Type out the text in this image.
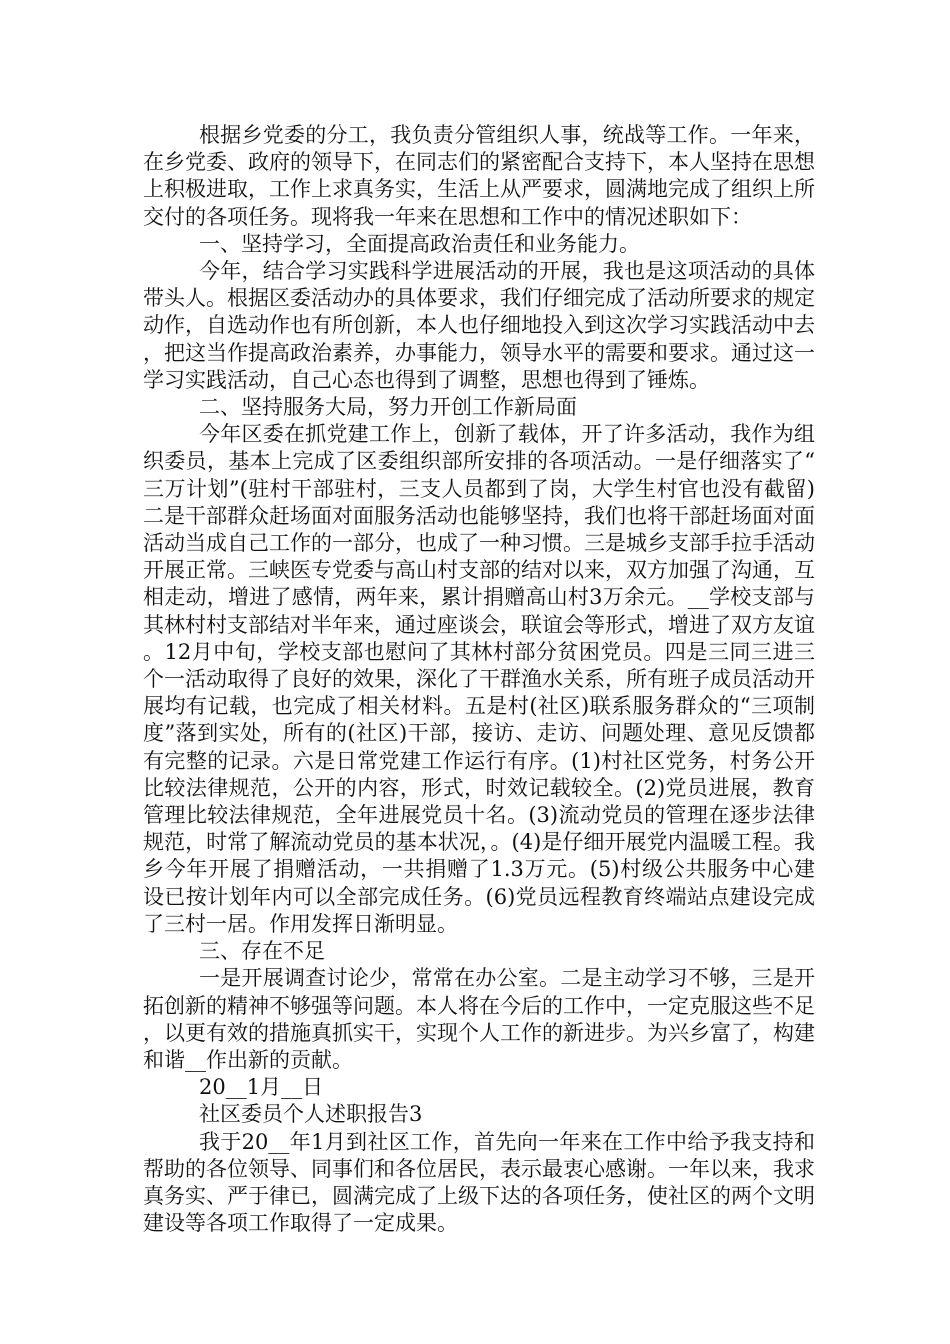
根据乡党委的分工，我负责分管组织人事，统战等工作。一年来，在乡党委、政府的领导下，在同志们的紧密配合支持下，本人坚持在思想上积极进取，工作上求真务实，生活上从严要求，圆满地完成了组织上所交付的各项任务。现将我一年来在思想和工作中的情况述职如下：

一、坚持学习，全面提高政治责任和业务能力。

今年，结合学习实践科学进展活动的开展，我也是这项活动的具体带头人。根据区委活动办的具体要求，我们仔细完成了活动所要求的规定动作，自选动作也有所创新，本人也仔细地投入到这次学习实践活动中去，把这当作提高政治素养，办事能力，领导水平的需要和要求。通过这一学习实践活动，自己心态也得到了调整，思想也得到了锤炼。

二、坚持服务大局，努力开创工作新局面

今年区委在抓党建工作上，创新了载体，开了许多活动，我作为组织委员，基本上完成了区委组织部所安排的各项活动。一是仔细落实了“三万计划”(驻村干部驻村，三支人员都到了岗，大学生村官也没有截留)二是干部群众赶场面对面服务活动也能够坚持，我们也将干部赶场面对面活动当成自己工作的一部分，也成了一种习惯。三是城乡支部手拉手活动开展正常。三峡医专党委与高山村支部的结对以来，双方加强了沟通，互相走动，增进了感情，两年来，累计捐赠高山村3万余元。__学校支部与其林村村支部结对半年来，通过座谈会，联谊会等形式，增进了双方友谊。12月中旬，学校支部也慰问了其林村部分贫困党员。四是三同三进三个一活动取得了良好的效果，深化了干群渔水关系，所有班子成员活动开展均有记载，也完成了相关材料。五是村(社区)联系服务群众的“三项制度”落到实处，所有的(社区)干部，接访、走访、问题处理、意见反馈都有完整的记录。六是日常党建工作运行有序。(1)村社区党务，村务公开比较法律规范，公开的内容，形式，时效记载较全。(2)党员进展，教育管理比较法律规范，全年进展党员十名。(3)流动党员的管理在逐步法律规范，时常了解流动党员的基本状况，。(4)是仔细开展党内温暖工程。我乡今年开展了捐赠活动，一共捐赠了1.3万元。(5)村级公共服务中心建设已按计划年内可以全部完成任务。(6)党员远程教育终端站点建设完成了三村一居。作用发挥日渐明显。

三、存在不足

一是开展调查讨论少，常常在办公室。二是主动学习不够，三是开拓创新的精神不够强等问题。本人将在今后的工作中，一定克服这些不足，以更有效的措施真抓实干，实现个人工作的新进步。为兴乡富了，构建和谐__作出新的贡献。

20__1月__日

社区委员个人述职报告3

我于20__年1月到社区工作，首先向一年来在工作中给予我支持和帮助的各位领导、同事们和各位居民，表示最衷心感谢。一年以来，我求真务实、严于律已，圆满完成了上级下达的各项任务，使社区的两个文明建设等各项工作取得了一定成果。
